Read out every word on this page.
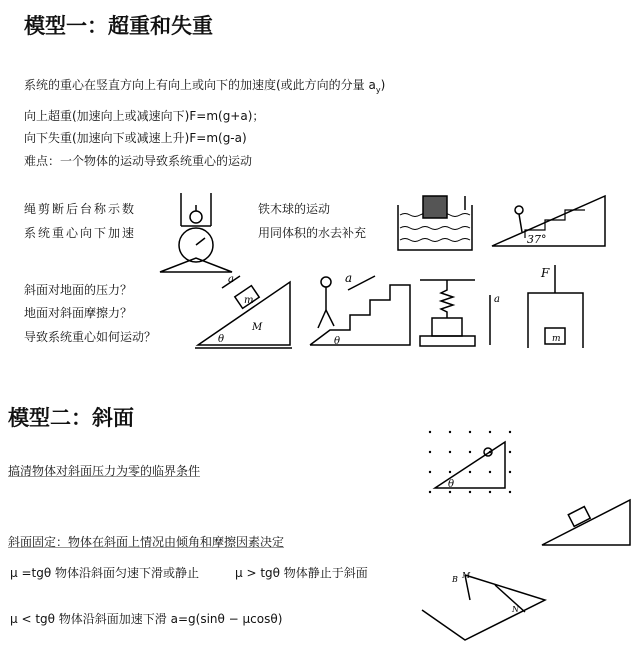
模型一：超重和失重
系统的重心在竖直方向上有向上或向下的加速度(或此方向的分量 $a_y$)
向上超重(加速向上或减速向下)F=m(g+a)；
向下失重(加速向下或减速上升)F=m(g-a)
难点：一个物体的运动导致系统重心的运动
绳剪断后台称示数
系统重心向下加速
铁木球的运动
用同体积的水去补充
斜面对地面的压力？
地面对斜面摩擦力？
导致系统重心如何运动？
模型二：斜面
搞清物体对斜面压力为零的临界条件
斜面固定：物体在斜面上情况由倾角和摩擦因素决定
μ =tgθ 物体沿斜面匀速下滑或静止	μ > tgθ 物体静止于斜面
μ < tgθ 物体沿斜面加速下滑 a=g(sinθ − μcosθ)
37°
a
m
M
θ
a
θ
a
F
m
θ
B M
N
